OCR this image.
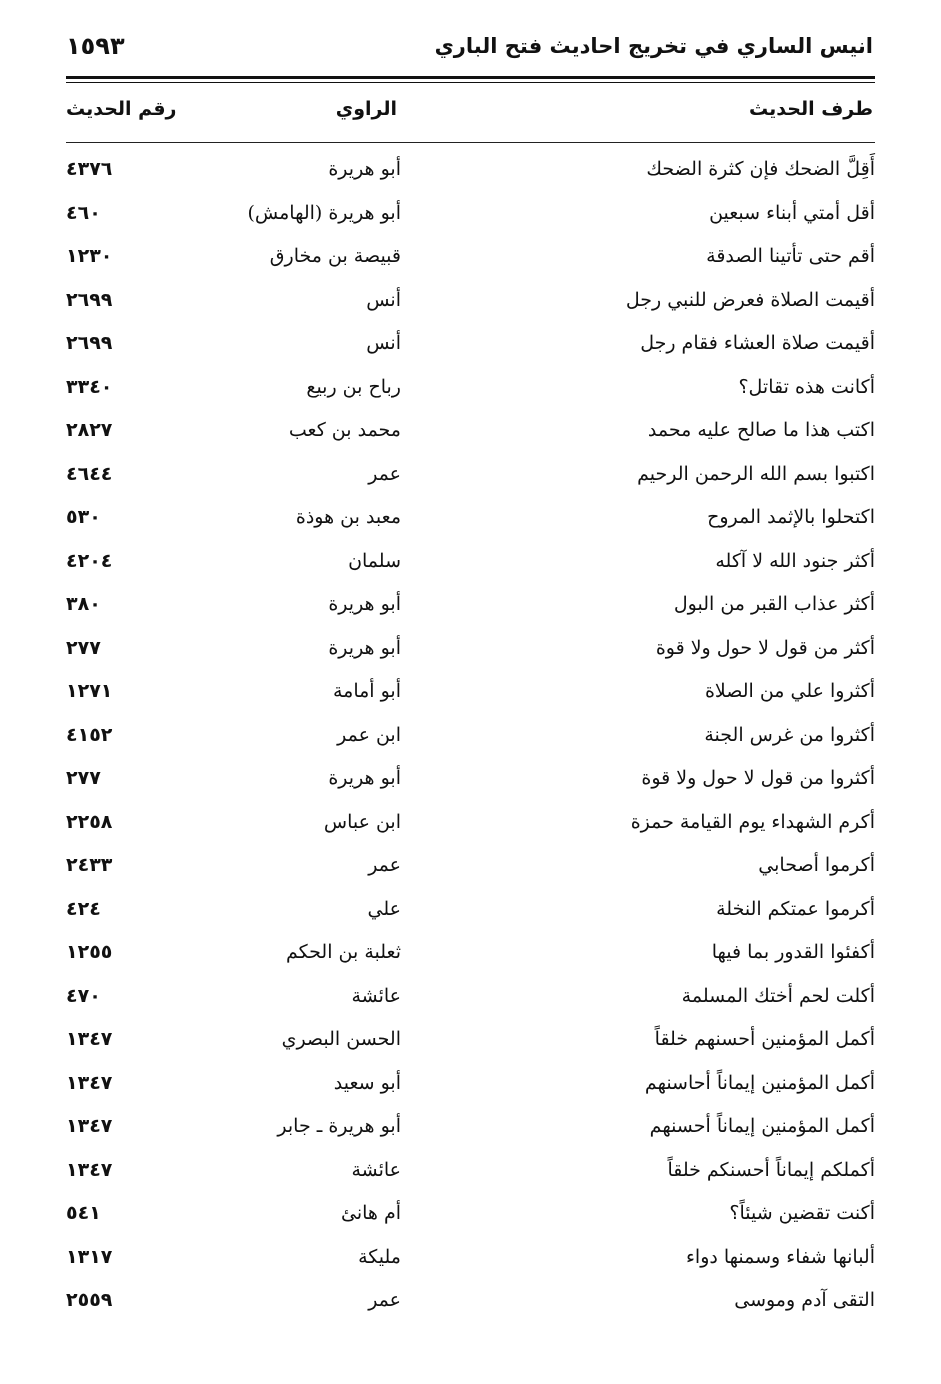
انيس الساري في تخريج احاديث فتح الباري
١٥٩٣
طرف الحديث
الراوي
رقم الحديث
أَقِلَّ الضحك فإن كثرة الضحك
أبو هريرة
٤٣٧٦
أقل أمتي أبناء سبعين
أبو هريرة (الهامش)
٤٦٠
أقم حتى تأتينا الصدقة
قبيصة بن مخارق
١٢٣٠
أقيمت الصلاة فعرض للنبي رجل
أنس
٢٦٩٩
أقيمت صلاة العشاء فقام رجل
أنس
٢٦٩٩
أكانت هذه تقاتل؟
رباح بن ربيع
٣٣٤٠
اكتب هذا ما صالح عليه محمد
محمد بن كعب
٢٨٢٧
اكتبوا بسم الله الرحمن الرحيم
عمر
٤٦٤٤
اكتحلوا بالإثمد المروح
معبد بن هوذة
٥٣٠
أكثر جنود الله لا آكله
سلمان
٤٢٠٤
أكثر عذاب القبر من البول
أبو هريرة
٣٨٠
أكثر من قول لا حول ولا قوة
أبو هريرة
٢٧٧
أكثروا علي من الصلاة
أبو أمامة
١٢٧١
أكثروا من غرس الجنة
ابن عمر
٤١٥٢
أكثروا من قول لا حول ولا قوة
أبو هريرة
٢٧٧
أكرم الشهداء يوم القيامة حمزة
ابن عباس
٢٢٥٨
أكرموا أصحابي
عمر
٢٤٣٣
أكرموا عمتكم النخلة
علي
٤٢٤
أكفئوا القدور بما فيها
ثعلبة بن الحكم
١٢٥٥
أكلت لحم أختك المسلمة
عائشة
٤٧٠
أكمل المؤمنين أحسنهم خلقاً
الحسن البصري
١٣٤٧
أكمل المؤمنين إيماناً أحاسنهم
أبو سعيد
١٣٤٧
أكمل المؤمنين إيماناً أحسنهم
أبو هريرة ـ جابر
١٣٤٧
أكملكم إيماناً أحسنكم خلقاً
عائشة
١٣٤٧
أكنت تقضين شيئاً؟
أم هانئ
٥٤١
ألبانها شفاء وسمنها دواء
مليكة
١٣١٧
التقى آدم وموسى
عمر
٢٥٥٩
